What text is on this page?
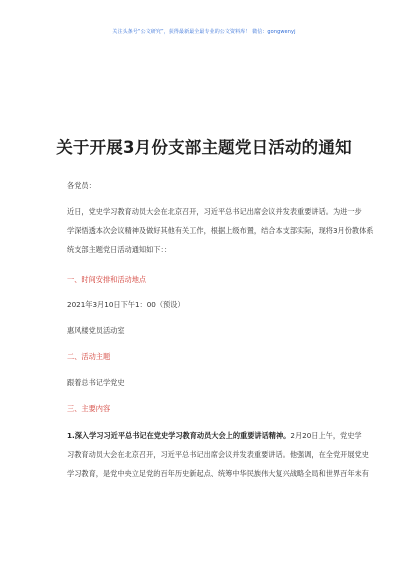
关注头条号“公文研究”，获得最新最全最专业的公文资料库！ 微信：gongwenyj
关于开展3月份支部主题党日活动的通知
各党员：
近日，党史学习教育动员大会在北京召开，习近平总书记出席会议并发表重要讲话。为进一步
学深悟透本次会议精神及做好其他有关工作，根据上级布置，结合本支部实际，现将3月份教体系
统支部主题党日活动通知如下：：
一、时间安排和活动地点
2021年3月10日下午1：00（预设）
惠风楼党员活动室
二、活动主题
跟着总书记学党史
三、主要内容
1.深入学习习近平总书记在党史学习教育动员大会上的重要讲话精神。2月20日上午，党史学
习教育动员大会在北京召开，习近平总书记出席会议并发表重要讲话。他强调，在全党开展党史
学习教育，是党中央立足党的百年历史新起点、统筹中华民族伟大复兴战略全局和世界百年未有
